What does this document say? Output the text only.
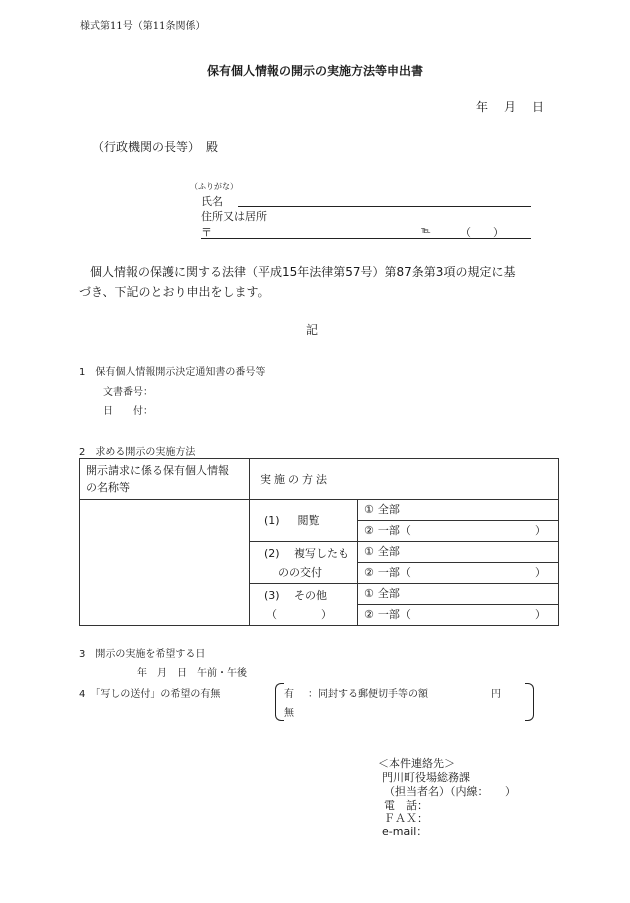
様式第11号（第11条関係）
保有個人情報の開示の実施方法等申出書
年　月　日
（行政機関の長等）　殿
（ふりがな）
氏名
住所又は居所
〒	℡	（　　）
個人情報の保護に関する法律（平成15年法律第57号）第87条第3項の規定に基
づき、下記のとおり申出をします。
記
1　保有個人情報開示決定通知書の番号等
文書番号：
日　　付：
2　求める開示の実施方法
開示請求に係る保有個人情報
の名称等	実施の方法	
	(1) 閲覧	① 全部
		② 一部（ ）

	(2) 複写したも
のの交付	① 全部
		② 一部（ ）

	(3) その他
（　　　　）	① 全部
		② 一部（ ）
3　開示の実施を希望する日
年　月　日　午前・午後
4　「写しの送付」の希望の有無	有 ：同封する郵便切手等の額	円
無
＜本件連絡先＞
門川町役場総務課
（担当者名）（内線：　　）
電　話：
ＦＡＸ：
e-mail：
